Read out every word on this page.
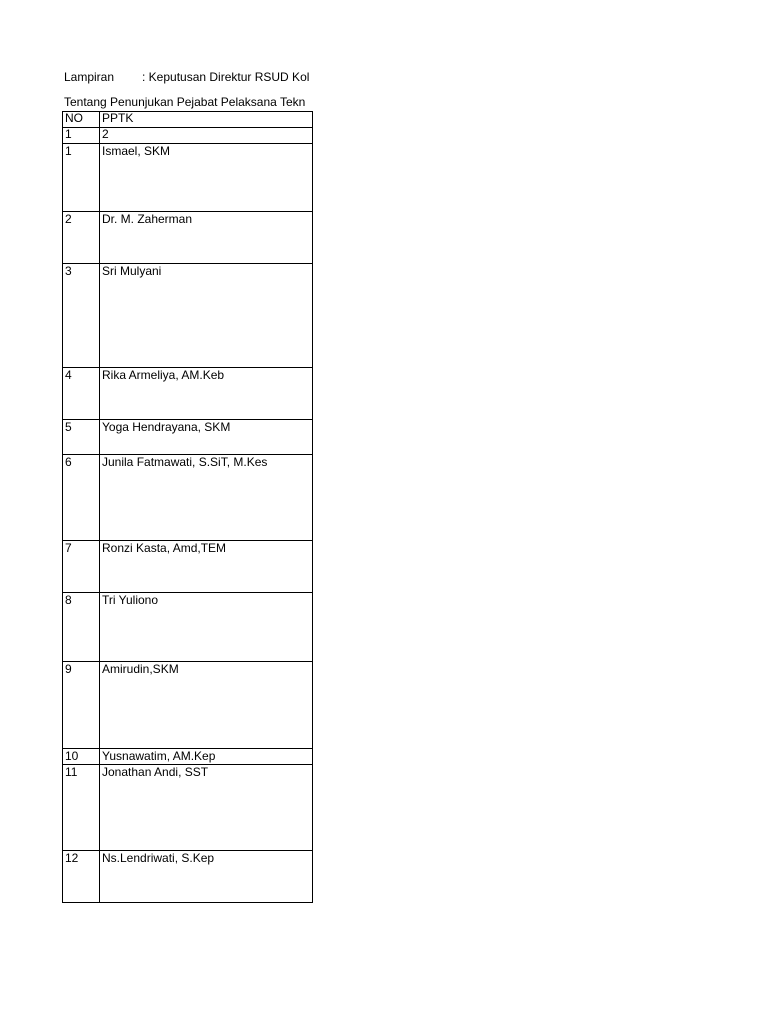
Lampiran : Keputusan Direktur RSUD Kol
Tentang Penunjukan Pejabat Pelaksana Tekn
NO	PPTK
1	2
1	Ismael, SKM
2	Dr. M. Zaherman
3	Sri Mulyani
4	Rika Armeliya, AM.Keb
5	Yoga Hendrayana, SKM
6	Junila Fatmawati, S.SiT, M.Kes
7	Ronzi Kasta, Amd,TEM
8	Tri Yuliono
9	Amirudin,SKM
10	Yusnawatim, AM.Kep
11	Jonathan Andi, SST
12	Ns.Lendriwati, S.Kep
